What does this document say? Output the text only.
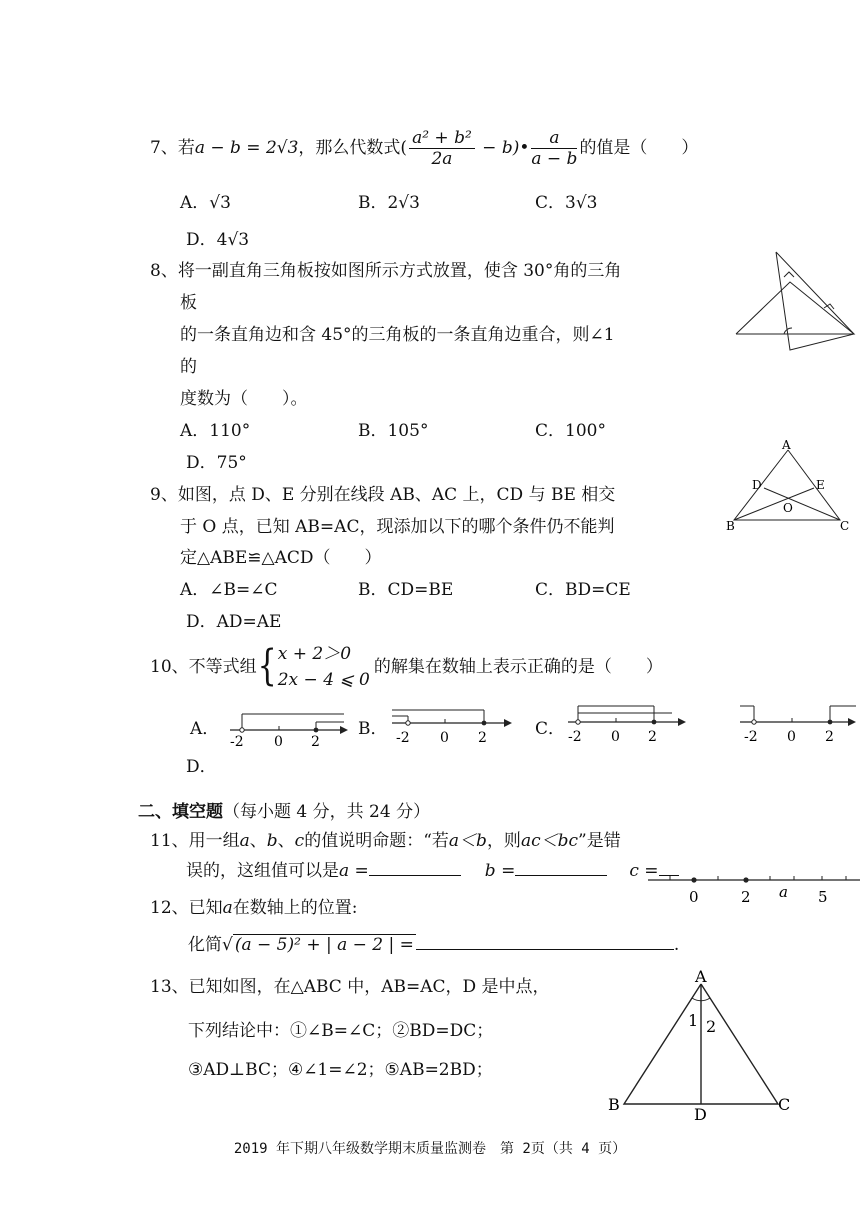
7、若a − b = 2√3，那么代数式( $\frac{\text{a² + b²}}{2a}$ − b)• $\frac{a}{a - b}$ 的值是（　　）
A．√3	B．2√3	C．3√3
D．4√3
8、将一副直角三角板按如图所示方式放置，使含 30°角的三角
板
的一条直角边和含 45°的三角板的一条直角边重合，则∠1
的
度数为（　　）。
A．110°	B．105°	C．100°
D．75°
9、如图，点 D、E 分别在线段 AB、AC 上，CD 与 BE 相交
于 O 点，已知 AB=AC，现添加以下的哪个条件仍不能判
定△ABE≌△ACD（　　）
A．∠B=∠C	B．CD=BE	C．BD=CE
D．AD=AE
A
D	E
O
B	C
10、不等式组{ x + 2＞0
2x − 4 ⩽ 0
的解集在数轴上表示正确的是（　　）
A．	B．	C．
D．
-2 0 2	-2 0 2	-2 0 2	-2 0 2
二、填空题（每小题 4 分，共 24 分）
11、用一组a、b、c的值说明命题：“若a＜b，则ac＜bc”是错
误的，这组值可以是a =	b =	c =
0	2 a 5
12、已知a在数轴上的位置:
化简√ (a − 5)² + | a − 2 | =	.
13、已知如图，在△ABC 中，AB=AC，D 是中点，
下列结论中：①∠B=∠C；②BD=DC；
③AD⊥BC；④∠1=∠2；⑤AB=2BD；
A
1 2
B
D
C
2019 年下期八年级数学期末质量监测卷　第 2页（共 4 页）
